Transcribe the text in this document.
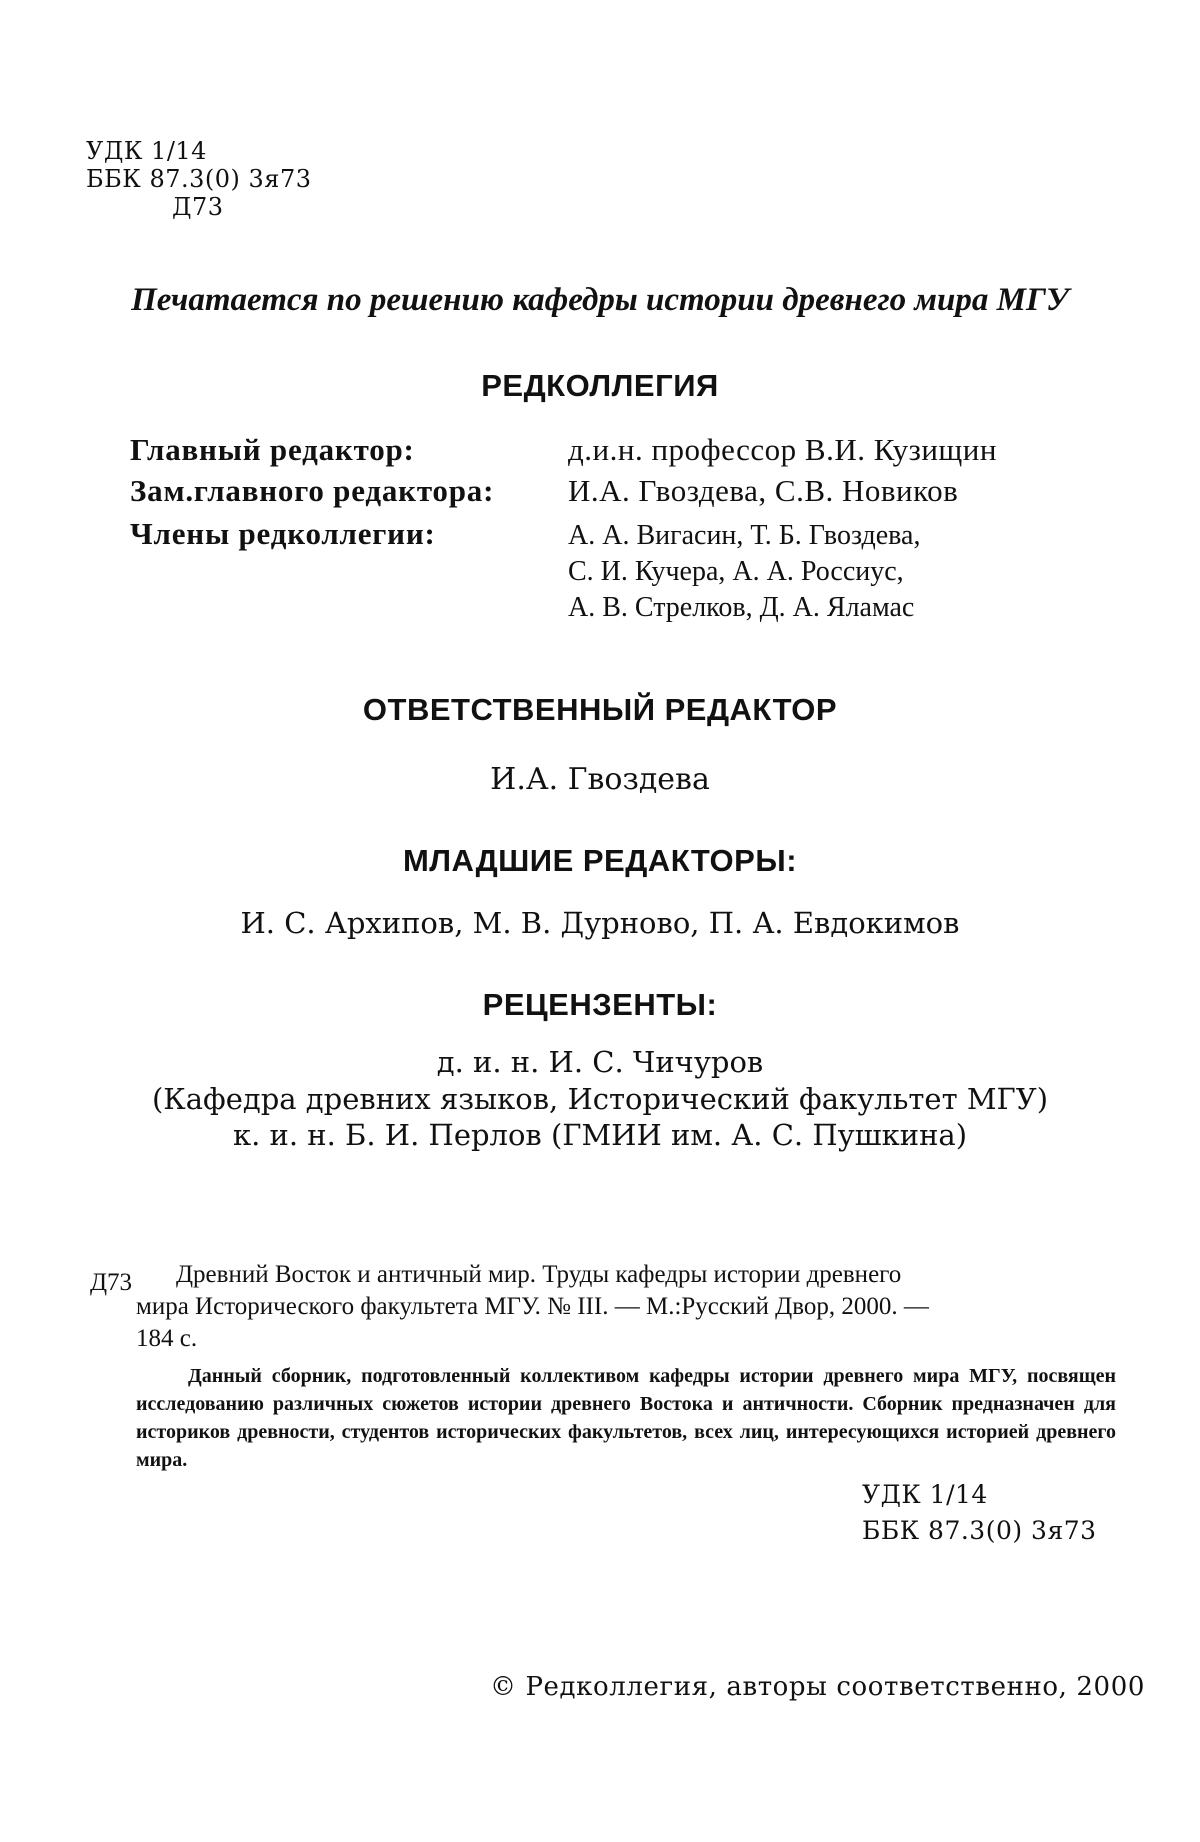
УДК 1/14
ББК 87.3(0) 3я73
Д73
Печатается по решению кафедры истории древнего мира МГУ
РЕДКОЛЛЕГИЯ
Главный редактор:	д.и.н. профессор В.И. Кузищин
Зам.главного редактора: И.А. Гвоздева, С.В. Новиков
Члены редколлегии:	А. А. Вигасин, Т. Б. Гвоздева,
С. И. Кучера, А. А. Россиус,
А. В. Стрелков, Д. А. Яламас
ОТВЕТСТВЕННЫЙ РЕДАКТОР
И.А. Гвоздева
МЛАДШИЕ РЕДАКТОРЫ:
И. С. Архипов, М. В. Дурново, П. А. Евдокимов
РЕЦЕНЗЕНТЫ:
д. и. н. И. С. Чичуров
(Кафедра древних языков, Исторический факультет МГУ)
к. и. н. Б. И. Перлов (ГМИИ им. А. С. Пушкина)
Д73 Древний Восток и античный мир. Труды кафедры истории древнего
мира Исторического факультета МГУ. № III. — М.:Русский Двор, 2000. —
184 с.

Данный сборник, подготовленный коллективом кафедры истории древнего мира МГУ, посвящен исследованию различных сюжетов истории древнего Востока и античности. Сборник предназначен для историков древности, студентов исторических факультетов, всех лиц, интересующихся историей древнего мира.

УДК 1/14
ББК 87.3(0) 3я73
© Редколлегия, авторы соответственно, 2000
